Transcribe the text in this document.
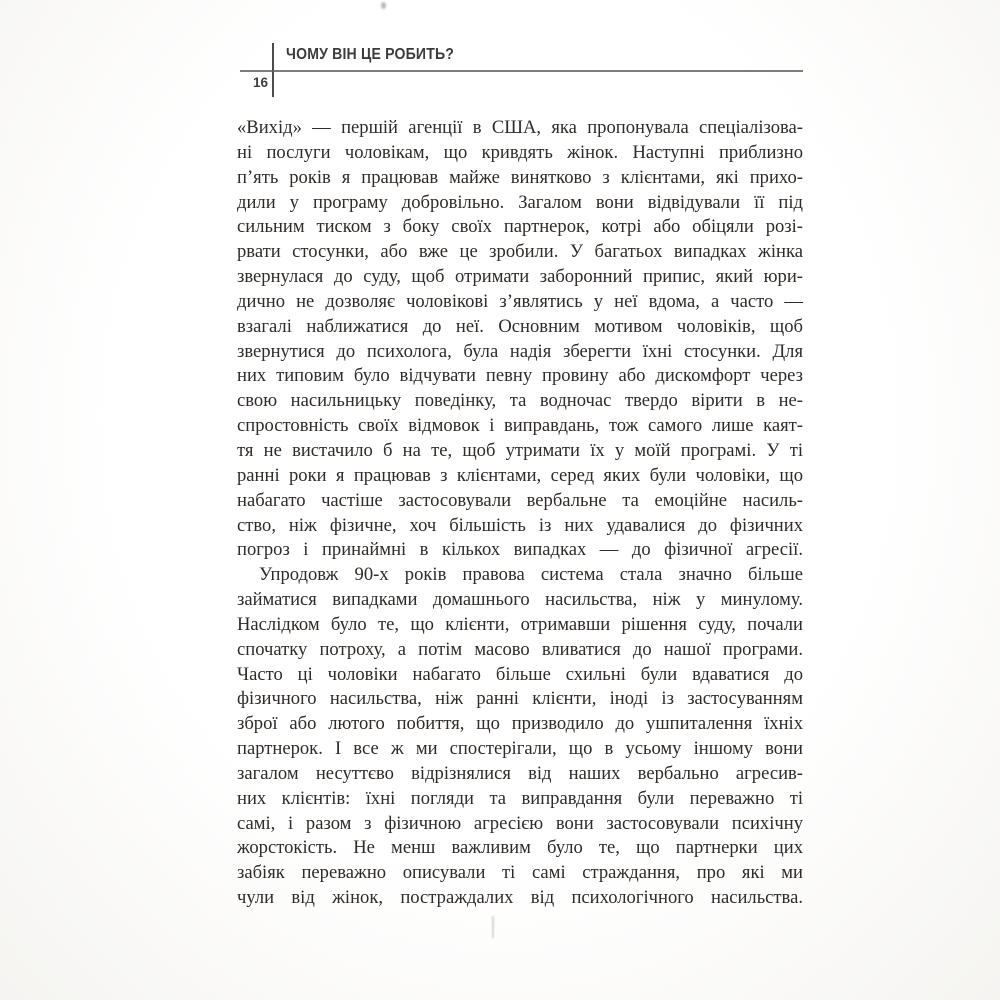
ЧОМУ ВІН ЦЕ РОБИТЬ?
16
«Вихід» — першій агенції в США, яка пропонувала спеціалізова-
ні послуги чоловікам, що кривдять жінок. Наступні приблизно
п’ять років я працював майже винятково з клієнтами, які прихо-
дили у програму добровільно. Загалом вони відвідували її під
сильним тиском з боку своїх партнерок, котрі або обіцяли розі-
рвати стосунки, або вже це зробили. У багатьох випадках жінка
звернулася до суду, щоб отримати заборонний припис, який юри-
дично не дозволяє чоловікові з’являтись у неї вдома, а часто —
взагалі наближатися до неї. Основним мотивом чоловіків, щоб
звернутися до психолога, була надія зберегти їхні стосунки. Для
них типовим було відчувати певну провину або дискомфорт через
свою насильницьку поведінку, та водночас твердо вірити в не-
спростовність своїх відмовок і виправдань, тож самого лише каят-
тя не вистачило б на те, щоб утримати їх у моїй програмі. У ті
ранні роки я працював з клієнтами, серед яких були чоловіки, що
набагато частіше застосовували вербальне та емоційне насиль-
ство, ніж фізичне, хоч більшість із них удавалися до фізичних
погроз і принаймні в кількох випадках — до фізичної агресії.
Упродовж 90-х років правова система стала значно більше
займатися випадками домашнього насильства, ніж у минулому.
Наслідком було те, що клієнти, отримавши рішення суду, почали
спочатку потроху, а потім масово вливатися до нашої програми.
Часто ці чоловіки набагато більше схильні були вдаватися до
фізичного насильства, ніж ранні клієнти, іноді із застосуванням
зброї або лютого побиття, що призводило до ушпиталення їхніх
партнерок. І все ж ми спостерігали, що в усьому іншому вони
загалом несуттєво відрізнялися від наших вербально агресив-
них клієнтів: їхні погляди та виправдання були переважно ті
самі, і разом з фізичною агресією вони застосовували психічну
жорстокість. Не менш важливим було те, що партнерки цих
забіяк переважно описували ті самі страждання, про які ми
чули від жінок, постраждалих від психологічного насильства.
